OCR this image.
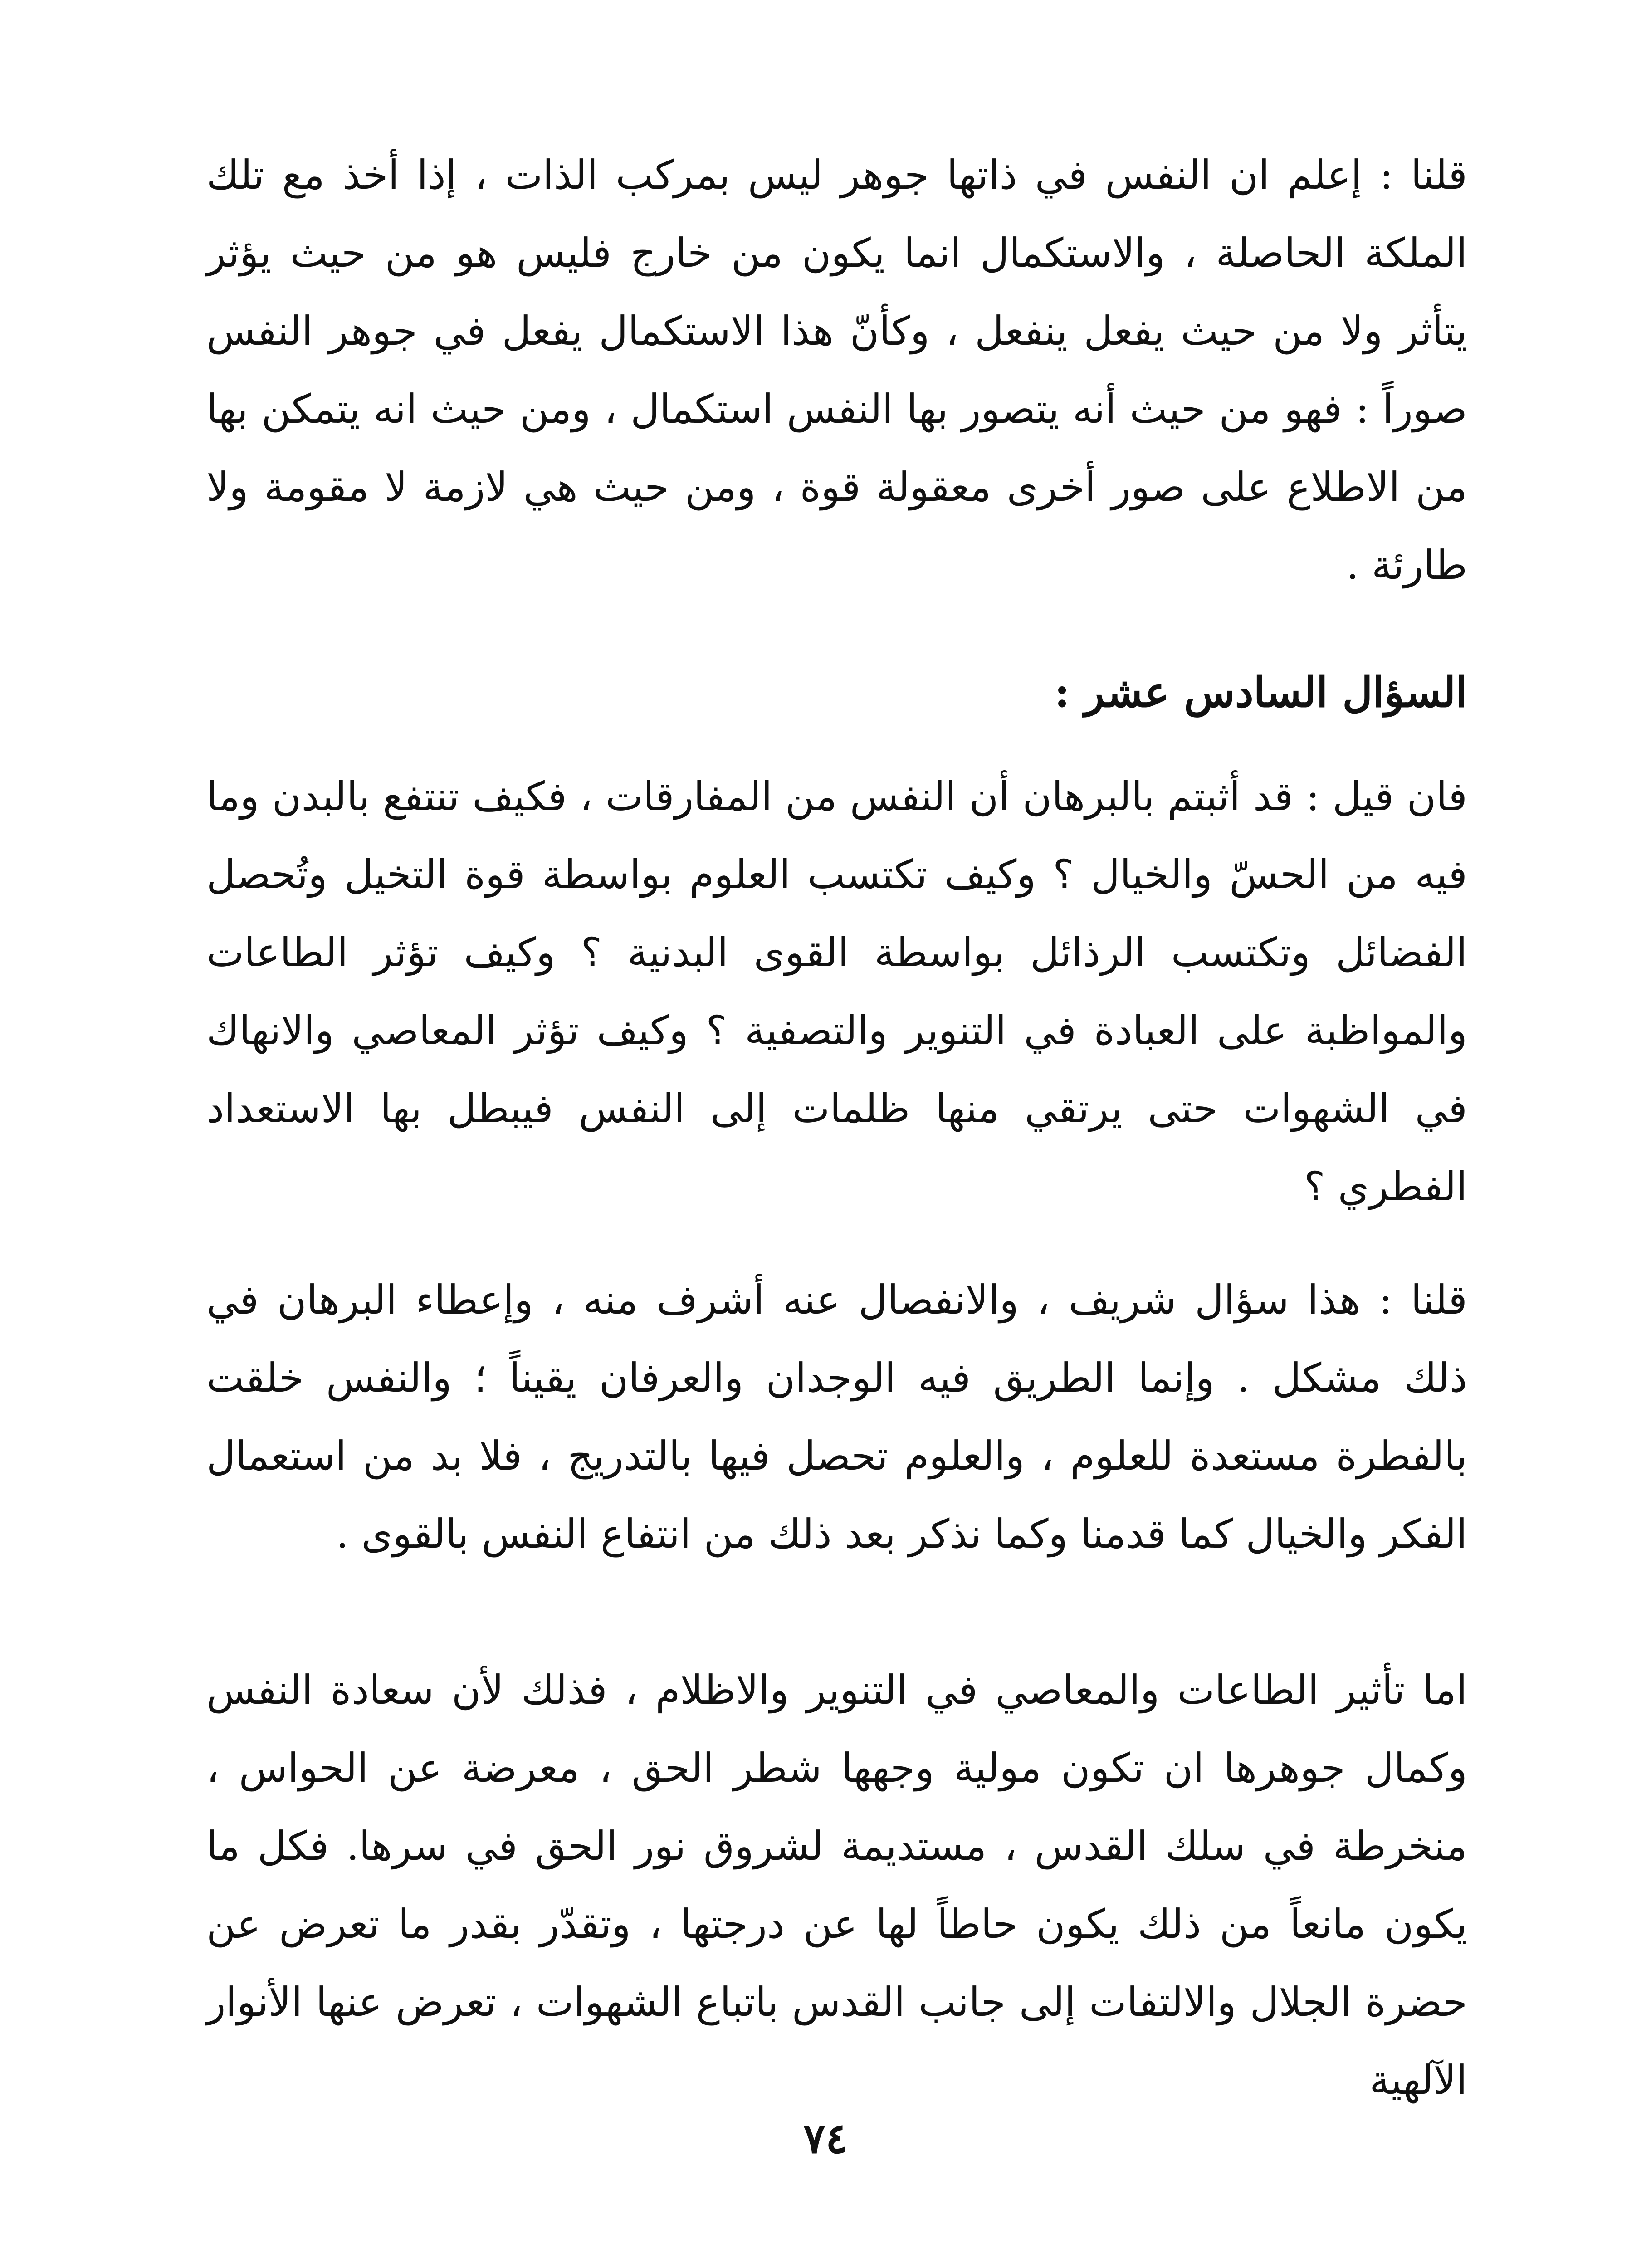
قلنا : إعلم ان النفس في ذاتها جوهر ليس بمركب الذات ، إذا أخذ مع تلك الملكة الحاصلة ، والاستكمال انما يكون من خارج فليس هو من حيث يؤثر يتأثر ولا من حيث يفعل ينفعل ، وكأنّ هذا الاستكمال يفعل في جوهر النفس صوراً : فهو من حيث أنه يتصور بها النفس استكمال ، ومن حيث انه يتمكن بها من الاطلاع على صور أخرى معقولة قوة ، ومن حيث هي لازمة لا مقومة ولا طارئة .

السؤال السادس عشر :

فان قيل : قد أثبتم بالبرهان أن النفس من المفارقات ، فكيف تنتفع بالبدن وما فيه من الحسّ والخيال ؟ وكيف تكتسب العلوم بواسطة قوة التخيل وتُحصل الفضائل وتكتسب الرذائل بواسطة القوى البدنية ؟ وكيف تؤثر الطاعات والمواظبة على العبادة في التنوير والتصفية ؟ وكيف تؤثر المعاصي والانهاك في الشهوات حتى يرتقي منها ظلمات إلى النفس فيبطل بها الاستعداد الفطري ؟

قلنا : هذا سؤال شريف ، والانفصال عنه أشرف منه ، وإعطاء البرهان في ذلك مشكل . وإنما الطريق فيه الوجدان والعرفان يقيناً ؛ والنفس خلقت بالفطرة مستعدة للعلوم ، والعلوم تحصل فيها بالتدريج ، فلا بد من استعمال الفكر والخيال كما قدمنا وكما نذكر بعد ذلك من انتفاع النفس بالقوى .

اما تأثير الطاعات والمعاصي في التنوير والاظلام ، فذلك لأن سعادة النفس وكمال جوهرها ان تكون مولية وجهها شطر الحق ، معرضة عن الحواس ، منخرطة في سلك القدس ، مستديمة لشروق نور الحق في سرها. فكل ما يكون مانعاً من ذلك يكون حاطاً لها عن درجتها ، وتقدّر بقدر ما تعرض عن حضرة الجلال والالتفات إلى جانب القدس باتباع الشهوات ، تعرض عنها الأنوار الآلهية

٧٤
